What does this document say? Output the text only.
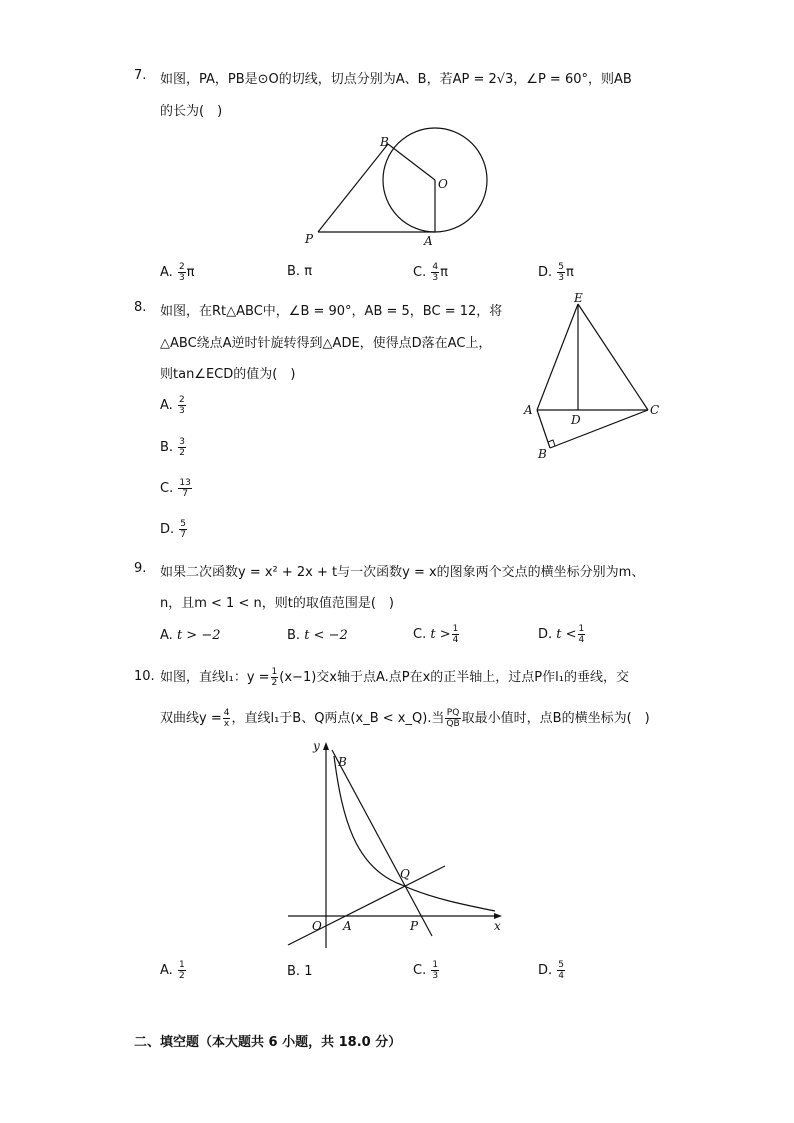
7. 如图，PA，PB是⊙O的切线，切点分别为A、B，若AP = 2√3，∠P = 60°，则AB
的长为(　)
B
O
P	A
A. $\frac{2}{3}$ π	B. π	C. $\frac{4}{3}$ π	D. $\frac{5}{3}$ π
8. 如图，在Rt△ABC中，∠B = 90°，AB = 5，BC = 12，将
△ABC绕点A逆时针旋转得到△ADE，使得点D落在AC上，
则tan∠ECD的值为(　)
E
A
D
C
B
A. $\frac{2}{3}$
B. $\frac{3}{2}$
C. $\frac{13}{7}$
D. $\frac{5}{7}$
9. 如果二次函数y = x² + 2x + t与一次函数y = x的图象两个交点的横坐标分别为m、
n，且m < 1 < n，则t的取值范围是(　)
A. t > −2	B. t < −2	C. $t > \frac{1}{4}$	D. $t < \frac{1}{4}$
10. 如图，直线l₁：$y = \frac{1}{2} (x-1)$交x轴于点A.点P在x的正半轴上，过点P作l₁的垂线，交
双曲线$y = \frac{4}{x}$ ，直线l₁于B、Q两点(x_B < x_Q).当 $\frac{PQ}{QB}$ 取最小值时，点B的横坐标为(　)
y
B
Q
O A	P	x
A. $\frac{1}{2}$	B. 1	C. $\frac{1}{3}$	D. $\frac{5}{4}$
二、填空题（本大题共 6 小题，共 18.0 分）
